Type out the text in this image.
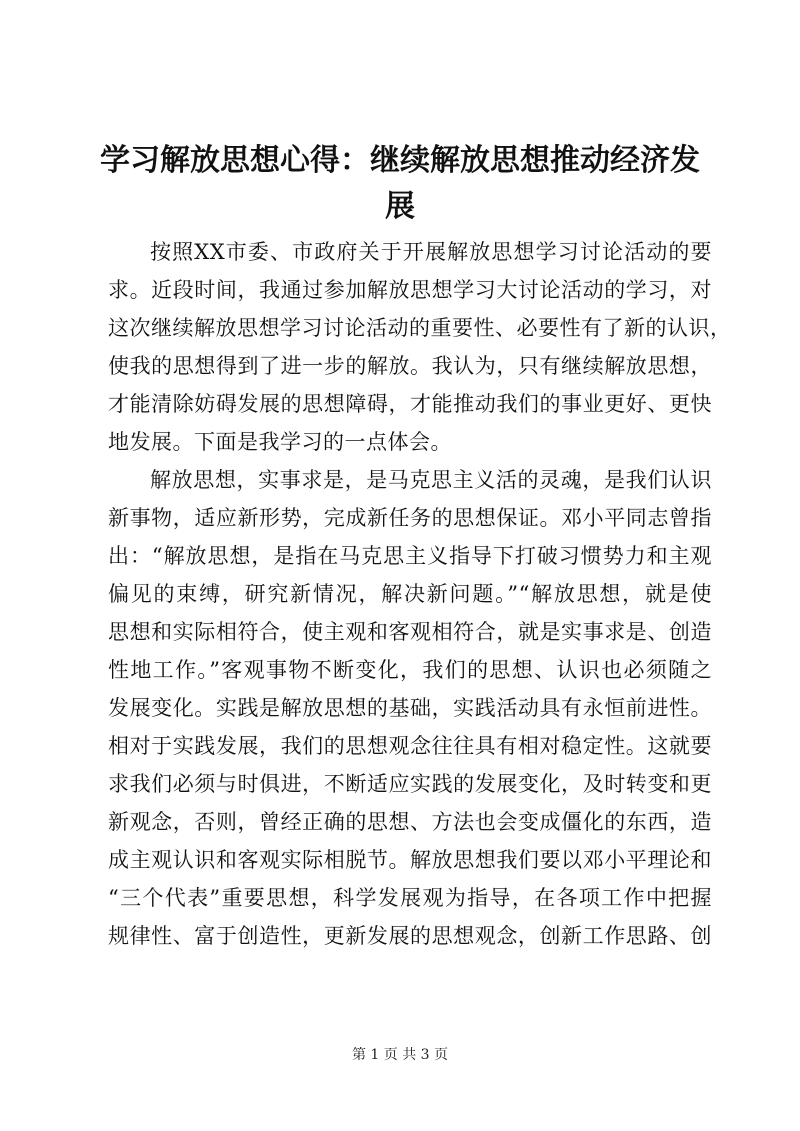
学习解放思想心得：继续解放思想推动经济发
展
按照XX市委、市政府关于开展解放思想学习讨论活动的要
求。近段时间，我通过参加解放思想学习大讨论活动的学习，对
这次继续解放思想学习讨论活动的重要性、必要性有了新的认识，
使我的思想得到了进一步的解放。我认为，只有继续解放思想，
才能清除妨碍发展的思想障碍，才能推动我们的事业更好、更快
地发展。下面是我学习的一点体会。
解放思想，实事求是，是马克思主义活的灵魂，是我们认识
新事物，适应新形势，完成新任务的思想保证。邓小平同志曾指
出：“解放思想，是指在马克思主义指导下打破习惯势力和主观
偏见的束缚，研究新情况，解决新问题。”“解放思想，就是使
思想和实际相符合，使主观和客观相符合，就是实事求是、创造
性地工作。”客观事物不断变化，我们的思想、认识也必须随之
发展变化。实践是解放思想的基础，实践活动具有永恒前进性。
相对于实践发展，我们的思想观念往往具有相对稳定性。这就要
求我们必须与时俱进，不断适应实践的发展变化，及时转变和更
新观念，否则，曾经正确的思想、方法也会变成僵化的东西，造
成主观认识和客观实际相脱节。解放思想我们要以邓小平理论和
“三个代表”重要思想，科学发展观为指导，在各项工作中把握
规律性、富于创造性，更新发展的思想观念，创新工作思路、创
第 1 页 共 3 页
